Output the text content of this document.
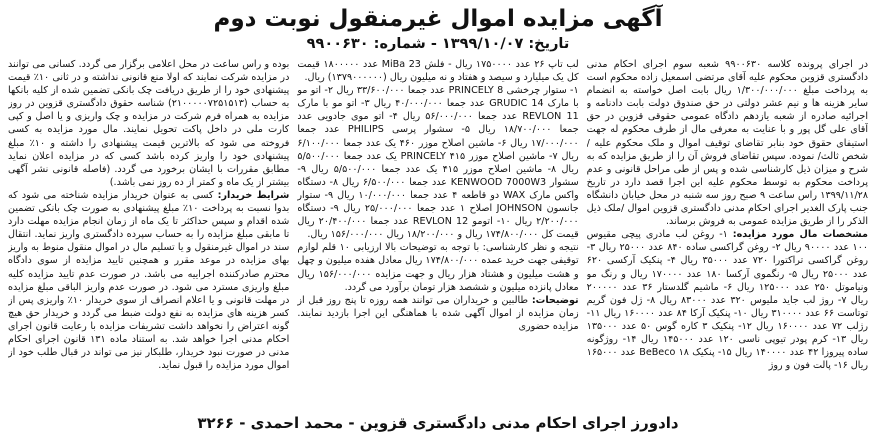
آگهی مزایده اموال غیرمنقول نوبت دوم
تاریخ: ۱۳۹۹/۱۰/۰۷ - شماره: ۹۹۰۰۶۳۰

در اجرای پرونده کلاسه ۹۹۰۰۶۳۰ شعبه سوم اجرای احکام مدنی دادگستری قزوین محکوم علیه آقای مرتضی اسمعیل زاده محکوم است به پرداخت مبلغ ۱/۳۰۰/۰۰۰/۰۰۰ ریال بابت اصل خواسته به انضمام سایر هزینه ها و نیم عشر دولتی در حق صندوق دولت بابت دادنامه و اجرائیه صادره از شعبه یازدهم دادگاه عمومی حقوقی قزوین در حق آقای علی گل پور و با عنایت به معرفی مال از طرف محکوم له جهت استیفای حقوق خود بنابر تقاضای توقیف اموال و ملک محکوم علیه /شخص ثالث/ نموده. سپس تقاضای فروش آن را از طریق مزایده که به شرح و میزان ذیل کارشناسی شده و پس از طی مراحل قانونی و عدم پرداخت محکوم به توسط محکوم علیه این اجرا قصد دارد در تاریخ ۱۳۹۹/۱۱/۲۸ راس ساعت ۹ صبح روز سه شنبه در محل خیابان دانشگاه جنب پارک الغدیر اجرای احکام مدنی دادگستری قزوین اموال /ملک ذیل الذکر را از طریق مزایده عمومی به فروش برساند.

مشخصات مال مورد مزایده: ۱- روغن لب مادری پیچی مقیوس ۱۰۰ عدد ۹۰۰۰۰ ریال ۲- روغن گراکسی ساده ۸۴۰ عدد ۲۵۰۰۰ ریال ۳- روغن گراکسی تراکتورا ۷۲۰ عدد ۳۵۰۰۰ ریال ۴- پنکیک آرکسی ۶۲۰ عدد ۲۵۰۰۰ ریال ۵- رنگموی آرکسا ۱۸۰ عدد ۱۷۰۰۰۰ ریال و رنگ مو ونیاموتل ۲۵۰ عدد ۱۲۵۰۰۰ ریال ۶- ماشیم گلدستار ۳۶ عدد ۲۰۰۰۰۰ ریال ۷- روژ لب جاید ملیوس ۳۲۰ عدد ۸۳۰۰۰ ریال ۸- ژل فون گریم توتاست ۶۶ عدد ۳۱۰۰۰۰ ریال ۱۰- پنکیک آرکا ۸۴ عدد ۱۶۰۰۰۰ ریال ۱۱- رژلب ۷۲ عدد ۱۶۰۰۰۰ ریال ۱۲- پنکیک ۳ کاره گوس ۵۰ عدد ۱۳۵۰۰۰ ریال ۱۳- کرم پودر تیوپی ناسی ۱۲۰ عدد ۱۴۵۰۰۰ ریال ۱۴- روژگونه ساده پیروزا ۴۲ عدد ۱۴۰۰۰۰ ریال ۱۵- پنکیک ۱۸ BeBeco عدد ۱۶۵۰۰۰ ریال ۱۶- پالت فون و روژ

لب تاپ ۲۶ عدد ۱۷۵۰۰۰۰ ریال - فلش 23 MiBa عدد ۱۸۰۰۰۰۰ قیمت کل یک میلیارد و سیصد و هفتاد و نه میلیون ریال (۱۳۷۹۰۰۰۰۰۰) ریال.

۱- ستوار چرخشی PRINCELY 8 عدد جمعا ۳۳/۶۰۰/۰۰۰ ریال ۲- اتو مو با مارک GRUDIC 14 عدد جمعا ۴۰/۰۰۰/۰۰۰ ریال ۳- اتو مو با مارک REVLON 11 عدد جمعا ۵۶/۰۰۰/۰۰۰ ریال ۴- اتو موی جادویی عدد جمعا ۱۸/۷۰۰/۰۰۰ ریال ۵- سشوار پرسی PHILIPS عدد جمعا ۱۷/۰۰۰/۰۰۰ ریال ۶- ماشین اصلاح موزر ۴۶۰ یک عدد جمعا ۶/۱۰۰/۰۰۰ ریال ۷- ماشین اصلاح موزر ۴۱۵ PRINCELY یک عدد جمعا ۵/۵۰۰/۰۰۰ ریال ۸- ماشین اصلاح موزر ۴۱۵ یک عدد جمعا ۵/۵۰۰/۰۰۰ ریال ۹- سشوار KENWOOD 7000W3 عدد جمعا ۶/۵۰۰/۰۰۰ ریال ۸- دستگاه واکس مارک WAX دو قاطعه ۴ عدد جمعا ۱۰/۰۰۰/۰۰۰ ریال ۹- ستوار جانسون JOHNSON اصلاح ۱ عدد جمعا ۲۵/۰۰۰/۰۰۰ ریال ۹- دستگاه ۲/۲۰۰/۰۰۰ ریال ۱۰- اتومو 12 REVLON عدد جمعا ۲۰/۴۰۰/۰۰۰ ریال قیمت کل ۱۷۴/۸۰۰/۰۰۰ ریال و ۱۸/۲۰۰/۰۰۰ ریال ۱۵۶/۰۰۰/۰۰۰ ریال.

نتیجه و نظر کارشناسی: با توجه به توضیحات بالا ارزیابی ۱۰ قلم لوازم توقیفی جهت خرید عمده ۱۷۴/۸۰۰/۰۰۰ ریال معادل هفده میلیون و چهل و هشت میلیون و هشتاد هزار ریال و جهت مزایده ۱۵۶/۰۰۰/۰۰۰ ریال معادل پانزده میلیون و ششصد هزار تومان برآورد می گردد.

توضیحات: طالبین و خریداران می توانند همه روزه تا پنج روز قبل از زمان مزایده از اموال آگهی شده با هماهنگی این اجرا بازدید نمایند. مزایده حضوری

بوده و راس ساعت در محل اعلامی برگزار می گردد. کسانی می توانند در مزایده شرکت نمایند که اولا منع قانونی نداشته و در ثانی ۱۰٪ قیمت پیشنهادی خود را از طریق دریافت چک بانکی تضمین شده از کلیه بانکها به حساب (۲۱۰۰۰۰۰۷۲۵۱۵۱۳) شناسه حقوق دادگستری قزوین در روز مزایده به همراه فرم شرکت در مزایده و چک واریزی و یا اصل و کپی کارت ملی در داخل پاکت تحویل نمایند. مال مورد مزایده به کسی فروخته می شود که بالاترین قیمت پیشنهادی را داشته و ۱۰٪ مبلغ پیشنهادی خود را واریز کرده باشد کسی که در مزایده اعلان نماید مطابق مقررات با ایشان برخورد می گردد. (فاصله قانونی نشر آگهی بیشتر از یک ماه و کمتر از ده روز نمی باشد.)

شرایط خریدار: کسی به عنوان خریدار مزایده شناخته می شود که بدوا نسبت به پرداخت ۱۰٪ مبلغ پیشنهادی به صورت چک بانکی تضمین شده اقدام و سپس حداکثر تا یک ماه از زمان انجام مزایده مهلت دارد تا مابقی مبلغ مزایده را به حساب سپرده دادگستری واریز نماید. انتقال سند در اموال غیرمنقول و یا تسلیم مال در اموال منقول منوط به واریز بهای مزایده در موعد مقرر و همچنین تایید مزایده از سوی دادگاه محترم صادرکننده اجراییه می باشد. در صورت عدم تایید مزایده کلیه مبلغ واریزی مسترد می شود. در صورت عدم واریز الباقی مبلغ مزایده در مهلت قانونی و یا اعلام انصراف از سوی خریدار ۱۰٪ واریزی پس از کسر هزینه های مزایده به نفع دولت ضبط می گردد و خریدار حق هیچ گونه اعتراض را نخواهد داشت تشریفات مزایده با رعایت قانون اجرای احکام مدنی اجرا خواهد شد. به استناد ماده ۱۳۱ قانون اجرای احکام مدنی در صورت نبود خریدار، طلبکار نیز می تواند در قبال طلب خود از اموال مورد مزایده را قبول نماید.

دادورز اجرای احکام مدنی دادگستری قزوین - محمد احمدی - ۳۲۶۶
